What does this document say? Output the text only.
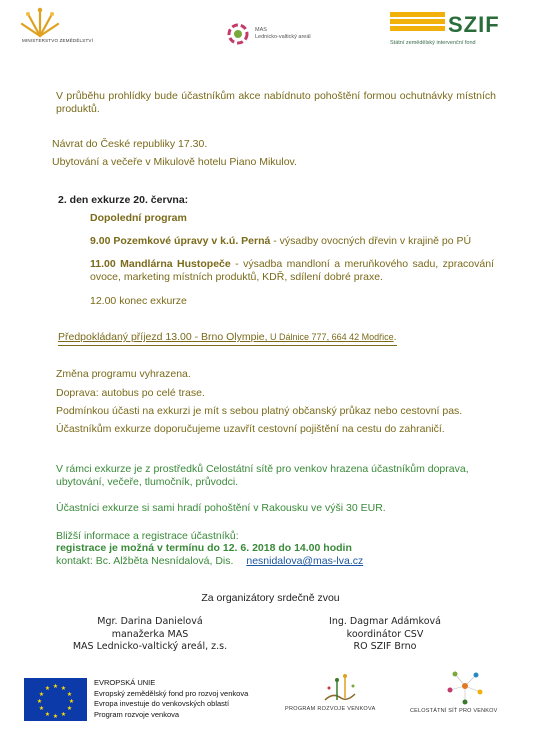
MINISTERSTVO ZEMĚDĚLSTVÍ
MAS
Lednicko-valtický areál	SZIF
Státní zemědělský intervenční fond
V průběhu prohlídky bude účastníkům akce nabídnuto pohoštění formou ochutnávky místních produktů.
Návrat do České republiky 17.30.
Ubytování a večeře v Mikulově hotelu Piano Mikulov.
2. den exkurze 20. června:
Dopolední program
9.00 Pozemkové úpravy v k.ú. Perná - výsadby ovocných dřevin v krajině po PÚ
11.00 Mandlárna Hustopeče - výsadba mandloní a meruňkového sadu, zpracování ovoce, marketing místních produktů, KDŘ, sdílení dobré praxe.
12.00 konec exkurze
Předpokládaný příjezd 13.00 - Brno Olympie, U Dálnice 777, 664 42 Modřice.
Změna programu vyhrazena.
Doprava: autobus po celé trase.
Podmínkou účasti na exkurzi je mít s sebou platný občanský průkaz nebo cestovní pas.
Účastníkům exkurze doporučujeme uzavřít cestovní pojištění na cestu do zahraničí.
V rámci exkurze je z prostředků Celostátní sítě pro venkov hrazena účastníkům doprava, ubytování, večeře, tlumočník, průvodci.
Účastníci exkurze si sami hradí pohoštění v Rakousku ve výši 30 EUR.
Bližší informace a registrace účastníků:
registrace je možná v termínu do 12. 6. 2018 do 14.00 hodin
kontakt: Bc. Alžběta Nesnídalová, Dis. nesnidalova@mas-lva.cz
Za organizátory srdečně zvou
Mgr. Darina Danielová
manažerka MAS
MAS Lednicko-valtický areál, z.s.
Ing. Dagmar Adámková
koordinátor CSV
RO SZIF Brno
★ ★
★
★
★
★
★
★
★
★
★
★
EVROPSKÁ UNIE
Evropský zemědělský fond pro rozvoj venkova
Evropa investuje do venkovských oblastí
Program rozvoje venkova
PROGRAM ROZVOJE VENKOVA	CELOSTÁTNÍ SÍŤ PRO VENKOV
